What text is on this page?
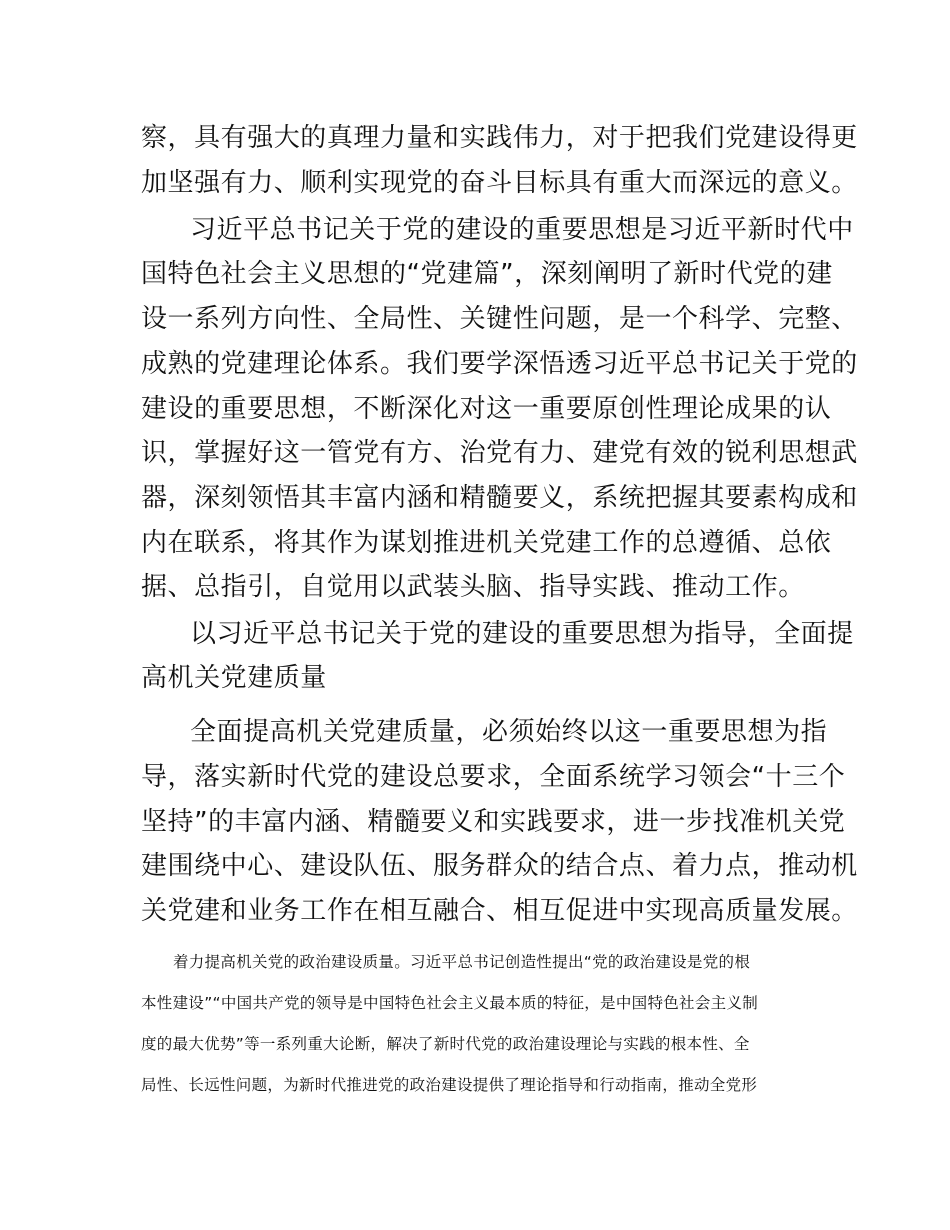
察，具有强大的真理力量和实践伟力，对于把我们党建设得更
加坚强有力、顺利实现党的奋斗目标具有重大而深远的意义。
习近平总书记关于党的建设的重要思想是习近平新时代中
国特色社会主义思想的“党建篇”，深刻阐明了新时代党的建
设一系列方向性、全局性、关键性问题，是一个科学、完整、
成熟的党建理论体系。我们要学深悟透习近平总书记关于党的
建设的重要思想，不断深化对这一重要原创性理论成果的认
识，掌握好这一管党有方、治党有力、建党有效的锐利思想武
器，深刻领悟其丰富内涵和精髓要义，系统把握其要素构成和
内在联系，将其作为谋划推进机关党建工作的总遵循、总依
据、总指引，自觉用以武装头脑、指导实践、推动工作。
以习近平总书记关于党的建设的重要思想为指导，全面提
高机关党建质量
全面提高机关党建质量，必须始终以这一重要思想为指
导，落实新时代党的建设总要求，全面系统学习领会“十三个
坚持”的丰富内涵、精髓要义和实践要求，进一步找准机关党
建围绕中心、建设队伍、服务群众的结合点、着力点，推动机
关党建和业务工作在相互融合、相互促进中实现高质量发展。
着力提高机关党的政治建设质量。习近平总书记创造性提出“党的政治建设是党的根
本性建设”“中国共产党的领导是中国特色社会主义最本质的特征，是中国特色社会主义制
度的最大优势”等一系列重大论断，解决了新时代党的政治建设理论与实践的根本性、全
局性、长远性问题，为新时代推进党的政治建设提供了理论指导和行动指南，推动全党形
